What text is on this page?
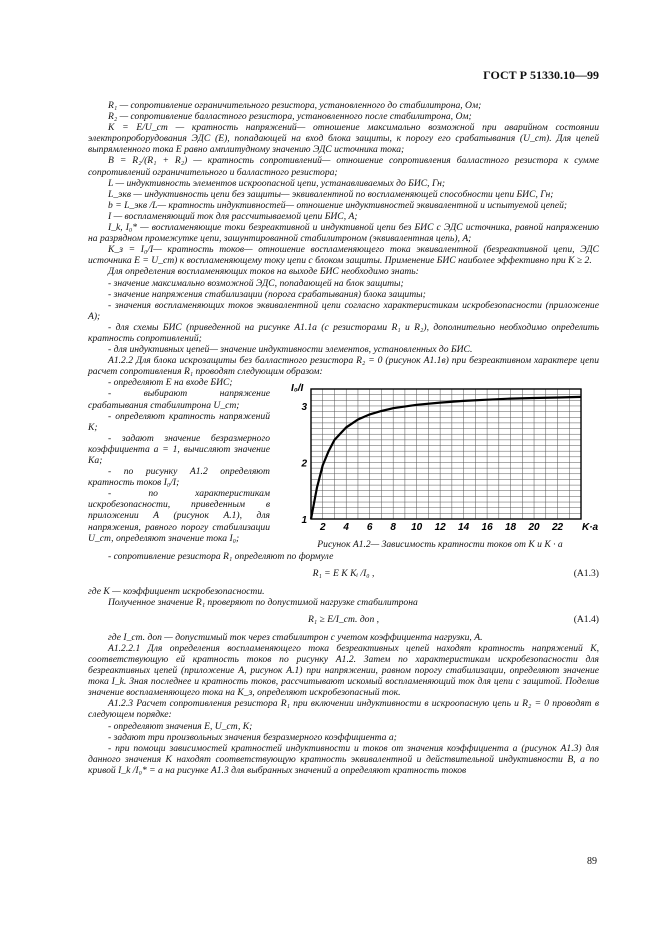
ГОСТ Р 51330.10—99

R₁ — сопротивление ограничительного резистора, установленного до стабилитрона, Ом;

R₂ — сопротивление балластного резистора, установленного после стабилитрона, Ом;

K = E/U_ст — кратность напряжений— отношение максимально возможной при аварийном состоянии электропроборудования ЭДС (Е), попадающей на вход блока защиты, к порогу его срабатывания (U_ст). Для цепей выпрямленного тока Е равно амплитудному значению ЭДС источника тока;

B = R₂/(R₁ + R₂) — кратность сопротивлений— отношение сопротивления балластного резистора к сумме сопротивлений ограничительного и балластного резистора;

L — индуктивность элементов искроопасной цепи, устанавливаемых до БИС, Гн;

L_экв — индуктивность цепи без защиты— эквивалентной по воспламеняющей способности цепи БИС, Гн;

b = L_экв /L— кратность индуктивностей— отношение индуктивностей эквивалентной и испытуемой цепей;

I — воспламеняющий ток для рассчитываемой цепи БИС, А;

I_k, I₀* — воспламеняющие токи безреактивной и индуктивной цепи без БИС с ЭДС источника, равной напряжению на разрядном промежутке цепи, зашунтированной стабилитроном (эквивалентная цепь), А;

K_з = I₀/I— кратность токов— отношение воспламеняющего тока эквивалентной (безреактивной цепи, ЭДС источника E = U_ст) к воспламеняющему току цепи с блоком защиты. Применение БИС наиболее эффективно при K ≥ 2.

Для определения воспламеняющих токов на выходе БИС необходимо знать:

- значение максимально возможной ЭДС, попадающей на блок защиты;

- значение напряжения стабилизации (порога срабатывания) блока защиты;

- значения воспламеняющих токов эквивалентной цепи согласно характеристикам искробезопасности (приложение А);

- для схемы БИС (приведенной на рисунке А1.1а (с резисторами R₁ и R₂), дополнительно необходимо определить кратность сопротивлений;

- для индуктивных цепей— значение индуктивности элементов, установленных до БИС.

А1.2.2 Для блока искрозащиты без балластного резистора R₂ = 0 (рисунок А1.1в) при безреактивном характере цепи расчет сопротивления R₁ проводят следующим образом:

- определяют E на входе БИС;

- выбирают напряжение срабатывания стабилитрона U_ст;

- определяют кратность напряжений K;

- задают значение безразмерного коэффициента a = 1, вычисляют значение Ka;

- по рисунку А1.2 определяют кратность токов I₀/I;

- по характеристикам искробезопасности, приведенным в приложении А (рисунок А.1), для напряжения, равного порогу стабилизации U_ст, определяют значение тока I₀;

2 4 6 8 10 12 14 16 18 20 22
1
2
3
I₀/I
K·a
Рисунок А1.2— Зависимость кратности токов от K и K · a

- сопротивление резистора R₁ определяют по формуле

R₁ = E K Kᵢ /I₀ ,	(А1.3)

где K — коэффициент искробезопасности.

Полученное значение R₁ проверяют по допустимой нагрузке стабилитрона

R₁ ≥ E/I_ст. доп ,	(А1.4)

где I_ст. доп — допустимый ток через стабилитрон с учетом коэффициента нагрузки, А.

А1.2.2.1 Для определения воспламеняющего тока безреактивных цепей находят кратность напряжений K, соответствующую ей кратность токов по рисунку А1.2. Затем по характеристикам искробезопасности для безреактивных цепей (приложение А, рисунок А.1) при напряжении, равном порогу стабилизации, определяют значение тока I_k. Зная последнее и кратность токов, рассчитывают искомый воспламеняющий ток для цепи с защитой. Поделив значение воспламеняющего тока на K_з, определяют искробезопасный ток.

А1.2.3 Расчет сопротивления резистора R₁ при включении индуктивности в искроопасную цепь и R₂ = 0 проводят в следующем порядке:

- определяют значения E, U_ст, K;

- задают три произвольных значения безразмерного коэффициента a;

- при помощи зависимостей кратностей индуктивности и токов от значения коэффициента a (рисунок А1.3) для данного значения K находят соответствующую кратность эквивалентной и действительной индуктивности B, а по кривой I_k /I₀* = a на рисунке А1.3 для выбранных значений a определяют кратность токов

89
